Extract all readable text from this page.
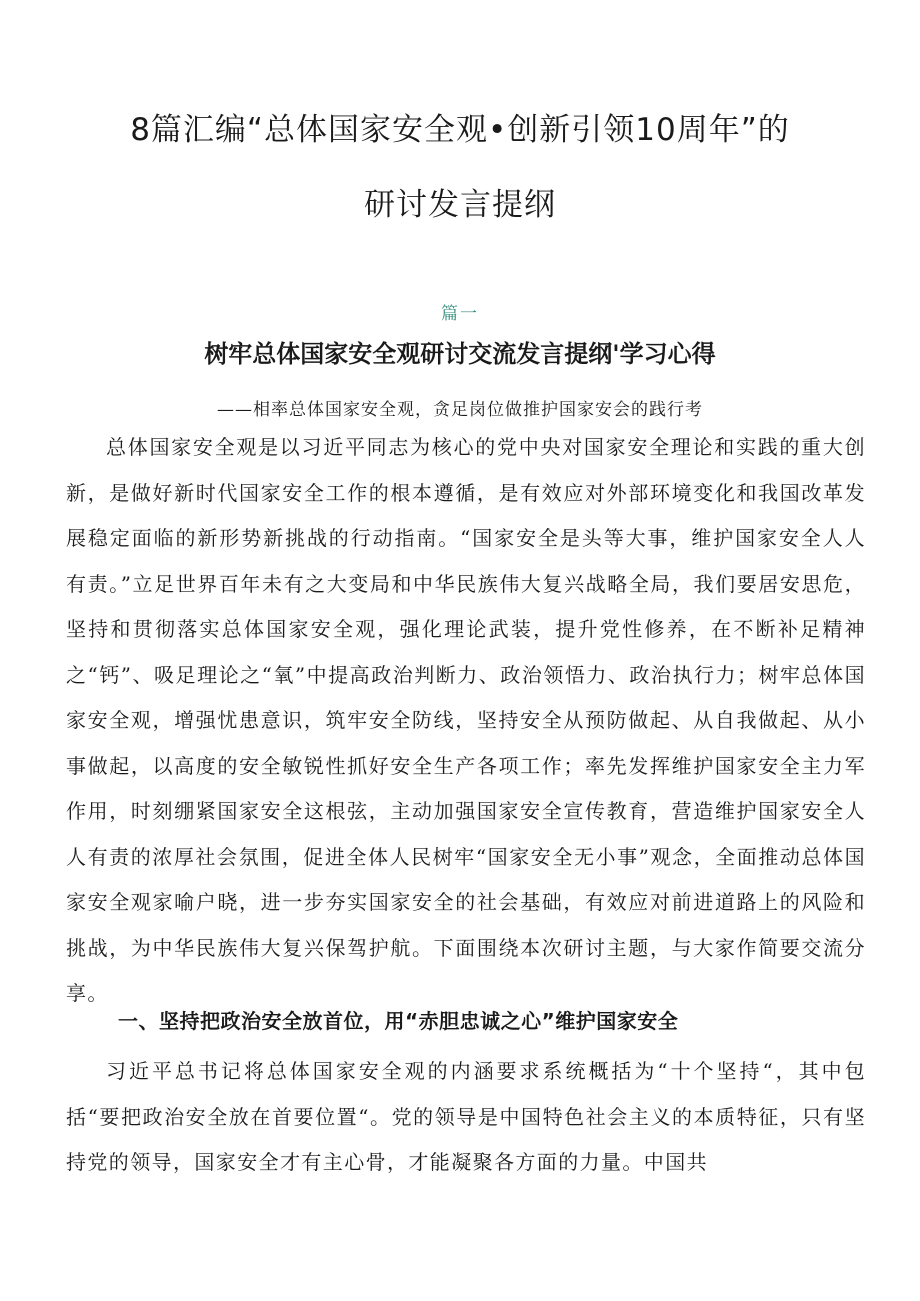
8篇汇编“总体国家安全观•创新引领10周年”的
研讨发言提纲
篇一
树牢总体国家安全观研讨交流发言提纲'学习心得
——相率总体国家安全观，贪足岗位做推护国家安会的践行考

总体国家安全观是以习近平同志为核心的党中央对国家安全理论和实践的重大创新，是做好新时代国家安全工作的根本遵循，是有效应对外部环境变化和我国改革发展稳定面临的新形势新挑战的行动指南。“国家安全是头等大事，维护国家安全人人有责。”立足世界百年未有之大变局和中华民族伟大复兴战略全局，我们要居安思危，坚持和贯彻落实总体国家安全观，强化理论武装，提升党性修养，在不断补足精神之“钙”、吸足理论之“氧”中提高政治判断力、政治领悟力、政治执行力；树牢总体国家安全观，增强忧患意识，筑牢安全防线，坚持安全从预防做起、从自我做起、从小事做起，以高度的安全敏锐性抓好安全生产各项工作；率先发挥维护国家安全主力军作用，时刻绷紧国家安全这根弦，主动加强国家安全宣传教育，营造维护国家安全人人有责的浓厚社会氛围，促进全体人民树牢“国家安全无小事”观念，全面推动总体国家安全观家喻户晓，进一步夯实国家安全的社会基础，有效应对前进道路上的风险和挑战，为中华民族伟大复兴保驾护航。下面围绕本次研讨主题，与大家作简要交流分享。

一、坚持把政治安全放首位，用“赤胆忠诚之心”维护国家安全

习近平总书记将总体国家安全观的内涵要求系统概括为“十个坚持“，其中包括“要把政治安全放在首要位置“。党的领导是中国特色社会主义的本质特征，只有坚持党的领导，国家安全才有主心骨，才能凝聚各方面的力量。中国共
